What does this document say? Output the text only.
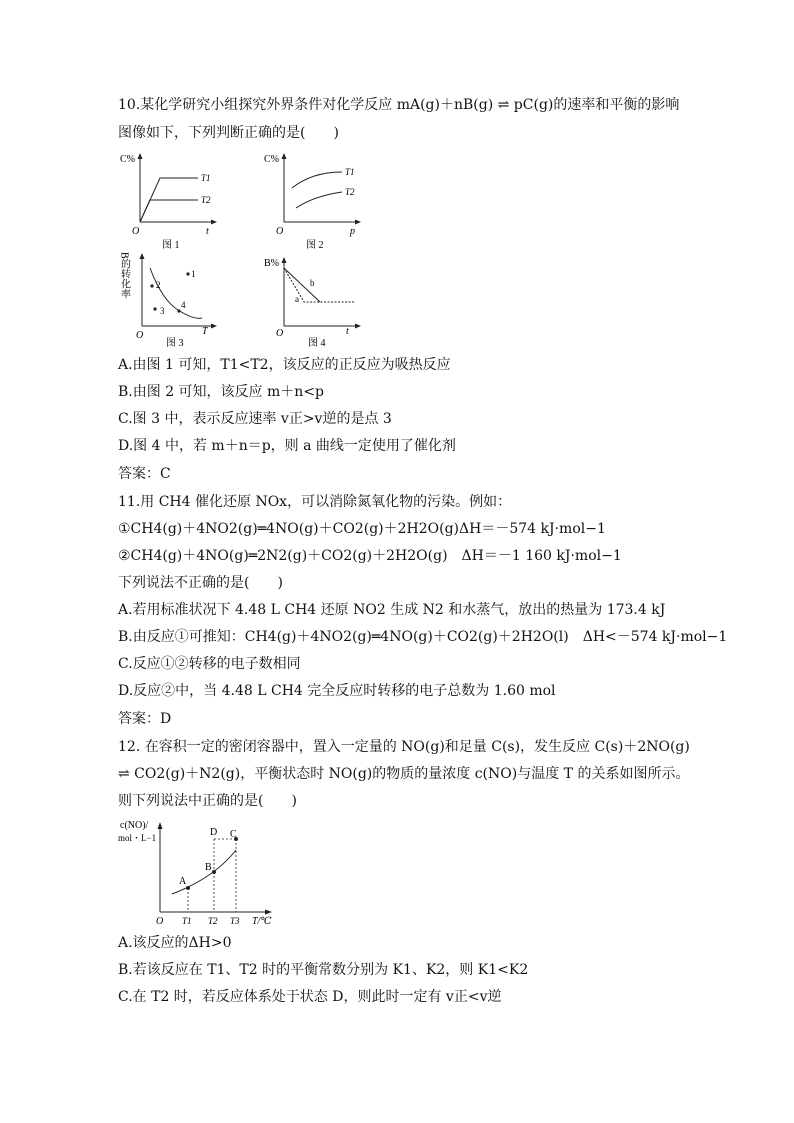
10.某化学研究小组探究外界条件对化学反应 mA(g)＋nB(g) ⇌ pC(g)的速率和平衡的影响
图像如下，下列判断正确的是(　　)
C%
T1
T2
O	t
图 1
C%
T1
T2
O	p
图 2
B的转化率	1
2
3
4
O	T
图 3
B%
b
a
O	t
图 4
A.由图 1 可知，T1<T2，该反应的正反应为吸热反应
B.由图 2 可知，该反应 m＋n<p
C.图 3 中，表示反应速率 v正>v逆的是点 3
D.图 4 中，若 m＋n＝p，则 a 曲线一定使用了催化剂
答案：C
11.用 CH4 催化还原 NOx，可以消除氮氧化物的污染。例如：
①CH4(g)＋4NO2(g)═4NO(g)＋CO2(g)＋2H2O(g)ΔH＝－574 kJ·mol−1
②CH4(g)＋4NO(g)═2N2(g)＋CO2(g)＋2H2O(g)　ΔH＝－1 160 kJ·mol−1
下列说法不正确的是(　　)
A.若用标准状况下 4.48 L CH4 还原 NO2 生成 N2 和水蒸气，放出的热量为 173.4 kJ
B.由反应①可推知：CH4(g)＋4NO2(g)═4NO(g)＋CO2(g)＋2H2O(l)　ΔH<－574 kJ·mol−1
C.反应①②转移的电子数相同
D.反应②中，当 4.48 L CH4 完全反应时转移的电子总数为 1.60 mol
答案：D
12. 在容积一定的密闭容器中，置入一定量的 NO(g)和足量 C(s)，发生反应 C(s)＋2NO(g)
⇌ CO2(g)＋N2(g)，平衡状态时 NO(g)的物质的量浓度 c(NO)与温度 T 的关系如图所示。
则下列说法中正确的是(　　)
c(NO)/
mol・L−1
A
B
C
D
O T1 T2 T3 T/℃
A.该反应的ΔH>0
B.若该反应在 T1、T2 时的平衡常数分别为 K1、K2，则 K1<K2
C.在 T2 时，若反应体系处于状态 D，则此时一定有 v正<v逆
